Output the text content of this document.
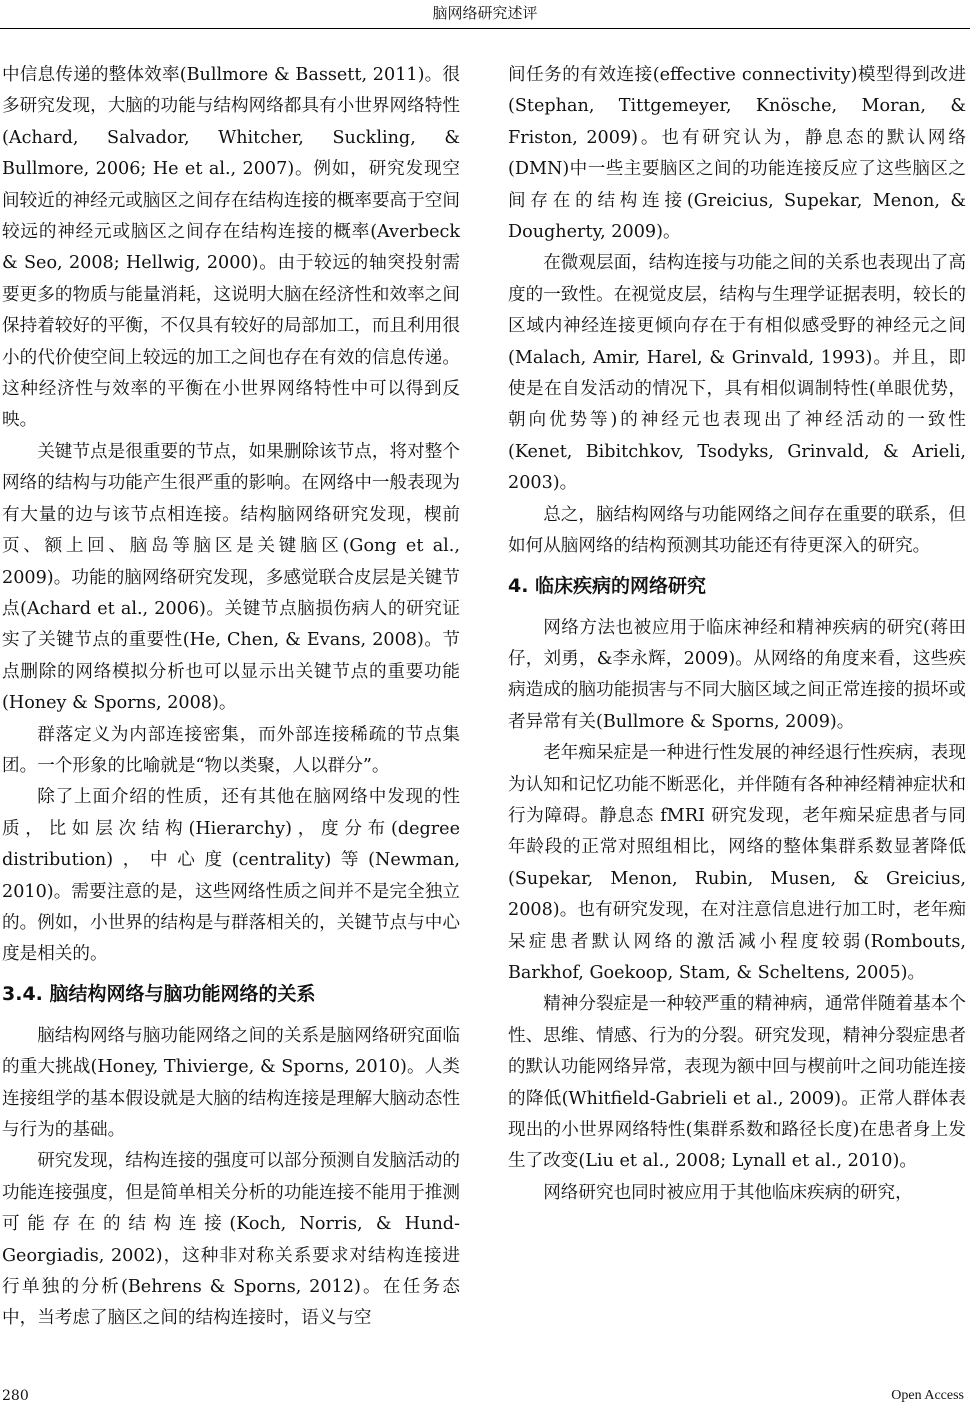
脑网络研究述评

中信息传递的整体效率(Bullmore & Bassett, 2011)。很多研究发现，大脑的功能与结构网络都具有小世界网络特性(Achard, Salvador, Whitcher, Suckling, & Bullmore, 2006; He et al., 2007)。例如，研究发现空间较近的神经元或脑区之间存在结构连接的概率要高于空间较远的神经元或脑区之间存在结构连接的概率(Averbeck & Seo, 2008; Hellwig, 2000)。由于较远的轴突投射需要更多的物质与能量消耗，这说明大脑在经济性和效率之间保持着较好的平衡，不仅具有较好的局部加工，而且利用很小的代价使空间上较远的加工之间也存在有效的信息传递。这种经济性与效率的平衡在小世界网络特性中可以得到反映。

关键节点是很重要的节点，如果删除该节点，将对整个网络的结构与功能产生很严重的影响。在网络中一般表现为有大量的边与该节点相连接。结构脑网络研究发现，楔前页、额上回、脑岛等脑区是关键脑区(Gong et al., 2009)。功能的脑网络研究发现，多感觉联合皮层是关键节点(Achard et al., 2006)。关键节点脑损伤病人的研究证实了关键节点的重要性(He, Chen, & Evans, 2008)。节点删除的网络模拟分析也可以显示出关键节点的重要功能(Honey & Sporns, 2008)。

群落定义为内部连接密集，而外部连接稀疏的节点集团。一个形象的比喻就是“物以类聚，人以群分”。

除了上面介绍的性质，还有其他在脑网络中发现的性质，比如层次结构(Hierarchy)，度分布(degree distribution)，中心度(centrality)等(Newman, 2010)。需要注意的是，这些网络性质之间并不是完全独立的。例如，小世界的结构是与群落相关的，关键节点与中心度是相关的。

3.4. 脑结构网络与脑功能网络的关系

脑结构网络与脑功能网络之间的关系是脑网络研究面临的重大挑战(Honey, Thivierge, & Sporns, 2010)。人类连接组学的基本假设就是大脑的结构连接是理解大脑动态性与行为的基础。

研究发现，结构连接的强度可以部分预测自发脑活动的功能连接强度，但是简单相关分析的功能连接不能用于推测可能存在的结构连接(Koch, Norris, & Hund-Georgiadis, 2002)，这种非对称关系要求对结构连接进行单独的分析(Behrens & Sporns, 2012)。在任务态中，当考虑了脑区之间的结构连接时，语义与空

间任务的有效连接(effective connectivity)模型得到改进(Stephan, Tittgemeyer, Knösche, Moran, & Friston, 2009)。也有研究认为，静息态的默认网络(DMN)中一些主要脑区之间的功能连接反应了这些脑区之间存在的结构连接(Greicius, Supekar, Menon, & Dougherty, 2009)。

在微观层面，结构连接与功能之间的关系也表现出了高度的一致性。在视觉皮层，结构与生理学证据表明，较长的区域内神经连接更倾向存在于有相似感受野的神经元之间(Malach, Amir, Harel, & Grinvald, 1993)。并且，即使是在自发活动的情况下，具有相似调制特性(单眼优势，朝向优势等)的神经元也表现出了神经活动的一致性(Kenet, Bibitchkov, Tsodyks, Grinvald, & Arieli, 2003)。

总之，脑结构网络与功能网络之间存在重要的联系，但如何从脑网络的结构预测其功能还有待更深入的研究。

4. 临床疾病的网络研究

网络方法也被应用于临床神经和精神疾病的研究(蒋田仔，刘勇，&李永辉，2009)。从网络的角度来看，这些疾病造成的脑功能损害与不同大脑区域之间正常连接的损坏或者异常有关(Bullmore & Sporns, 2009)。

老年痴呆症是一种进行性发展的神经退行性疾病，表现为认知和记忆功能不断恶化，并伴随有各种神经精神症状和行为障碍。静息态 fMRI 研究发现，老年痴呆症患者与同年龄段的正常对照组相比，网络的整体集群系数显著降低(Supekar, Menon, Rubin, Musen, & Greicius, 2008)。也有研究发现，在对注意信息进行加工时，老年痴呆症患者默认网络的激活减小程度较弱(Rombouts, Barkhof, Goekoop, Stam, & Scheltens, 2005)。

精神分裂症是一种较严重的精神病，通常伴随着基本个性、思维、情感、行为的分裂。研究发现，精神分裂症患者的默认功能网络异常，表现为额中回与楔前叶之间功能连接的降低(Whitfield-Gabrieli et al., 2009)。正常人群体表现出的小世界网络特性(集群系数和路径长度)在患者身上发生了改变(Liu et al., 2008; Lynall et al., 2010)。

网络研究也同时被应用于其他临床疾病的研究，

280	Open Access
